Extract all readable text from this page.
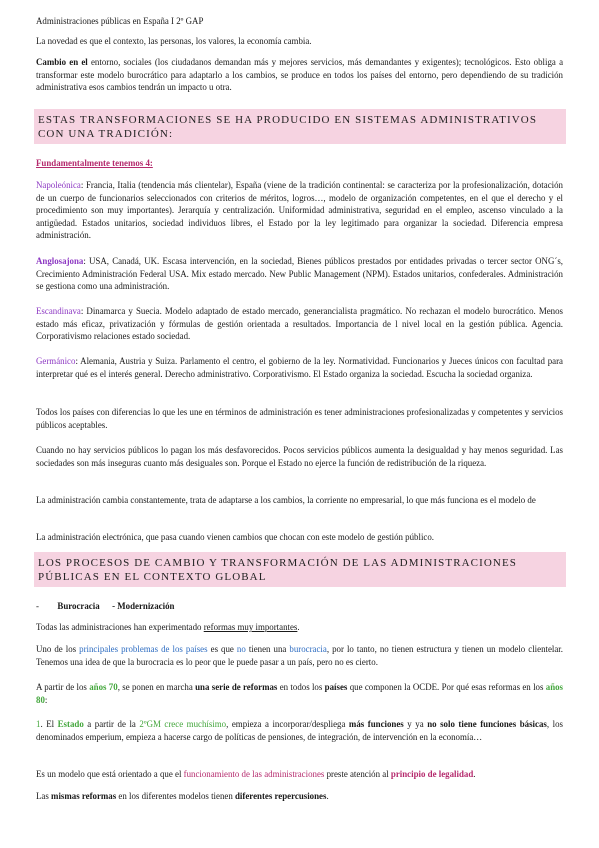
Administraciones públicas en España I 2º GAP

La novedad es que el contexto, las personas, los valores, la economía cambia.

Cambio en el entorno, sociales (los ciudadanos demandan más y mejores servicios, más demandantes y exigentes); tecnológicos. Esto obliga a transformar este modelo burocrático para adaptarlo a los cambios, se produce en todos los países del entorno, pero dependiendo de su tradición administrativa esos cambios tendrán un impacto u otra.

ESTAS TRANSFORMACIONES SE HA PRODUCIDO EN SISTEMAS ADMINISTRATIVOS CON UNA TRADICIÓN:

Fundamentalmente tenemos 4:

Napoleónica: Francia, Italia (tendencia más clientelar), España (viene de la tradición continental: se caracteriza por la profesionalización, dotación de un cuerpo de funcionarios seleccionados con criterios de méritos, logros…, modelo de organización competentes, en el que el derecho y el procedimiento son muy importantes). Jerarquía y centralización. Uniformidad administrativa, seguridad en el empleo, ascenso vinculado a la antigüedad. Estados unitarios, sociedad individuos libres, el Estado por la ley legitimado para organizar la sociedad. Diferencia empresa administración.

Anglosajona: USA, Canadá, UK. Escasa intervención, en la sociedad, Bienes públicos prestados por entidades privadas o tercer sector ONG´s, Crecimiento Administración Federal USA. Mix estado mercado. New Public Management (NPM). Estados unitarios, confederales. Administración se gestiona como una administración.

Escandinava: Dinamarca y Suecia. Modelo adaptado de estado mercado, generancialista pragmático. No rechazan el modelo burocrático. Menos estado más eficaz, privatización y fórmulas de gestión orientada a resultados. Importancia de l nivel local en la gestión pública. Agencia. Corporativismo relaciones estado sociedad.

Germánico: Alemania, Austria y Suiza. Parlamento el centro, el gobierno de la ley. Normatividad. Funcionarios y Jueces únicos con facultad para interpretar qué es el interés general. Derecho administrativo. Corporativismo. El Estado organiza la sociedad. Escucha la sociedad organiza.

Todos los países con diferencias lo que les une en términos de administración es tener administraciones profesionalizadas y competentes y servicios públicos aceptables.

Cuando no hay servicios públicos lo pagan los más desfavorecidos. Pocos servicios públicos aumenta la desigualdad y hay menos seguridad. Las sociedades son más inseguras cuanto más desiguales son. Porque el Estado no ejerce la función de redistribución de la riqueza.

La administración cambia constantemente, trata de adaptarse a los cambios, la corriente no empresarial, lo que más funciona es el modelo de

La administración electrónica, que pasa cuando vienen cambios que chocan con este modelo de gestión público.

LOS PROCESOS DE CAMBIO Y TRANSFORMACIÓN DE LAS ADMINISTRACIONES PÚBLICAS EN EL CONTEXTO GLOBAL
- Burocracia - Modernización

Todas las administraciones han experimentado reformas muy importantes.

Uno de los principales problemas de los países es que no tienen una burocracia, por lo tanto, no tienen estructura y tienen un modelo clientelar. Tenemos una idea de que la burocracia es lo peor que le puede pasar a un país, pero no es cierto.

A partir de los años 70, se ponen en marcha una serie de reformas en todos los países que componen la OCDE. Por qué esas reformas en los años 80:

1. El Estado a partir de la 2ºGM crece muchísimo, empieza a incorporar/despliega más funciones y ya no solo tiene funciones básicas, los denominados emperium, empieza a hacerse cargo de políticas de pensiones, de integración, de intervención en la economía…

Es un modelo que está orientado a que el funcionamiento de las administraciones preste atención al principio de legalidad.

Las mismas reformas en los diferentes modelos tienen diferentes repercusiones.
